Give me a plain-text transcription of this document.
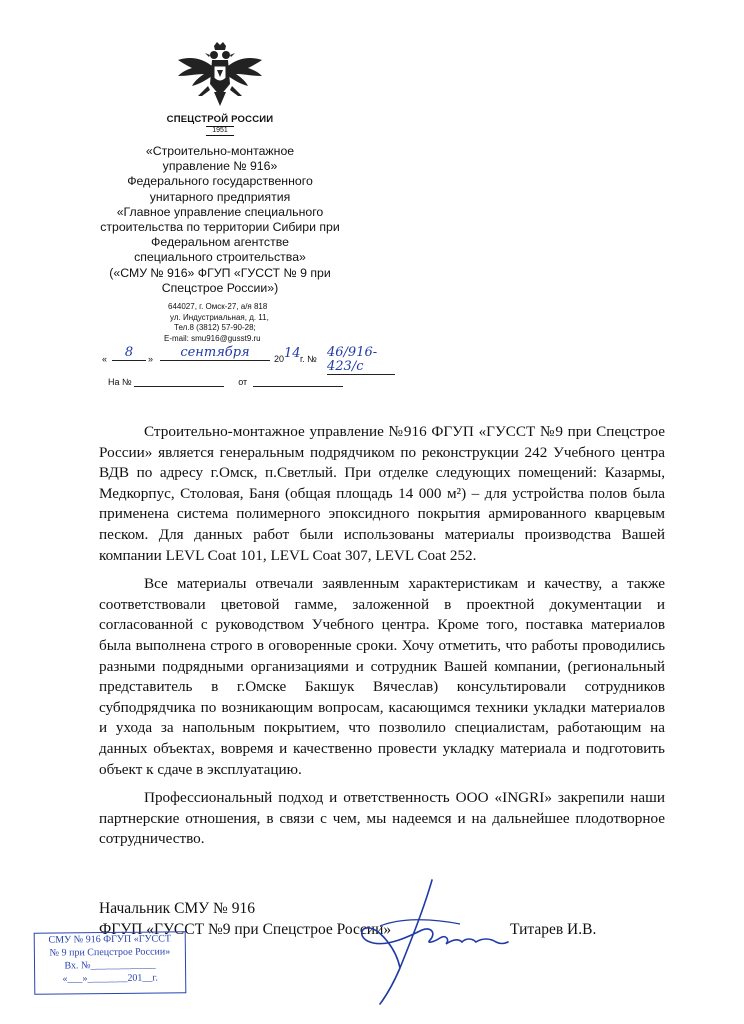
СПЕЦСТРОЙ РОССИИ
1951
«Строительно-монтажное
управление № 916»
Федерального государственного
унитарного предприятия
«Главное управление специального
строительства по территории Сибири при
Федеральном агентстве
специального строительства»
(«СМУ № 916» ФГУП «ГУССТ № 9 при
Спецстрое России»)
644027, г. Омск-27, а/я 818
ул. Индустриальная, д. 11,
Тел.8 (3812) 57-90-28;
E-mail: smu916@gusst9.ru
«	8	»	сентября	20 14 г. № 46/916-423/с
На №	от

Строительно-монтажное управление №916 ФГУП «ГУССТ №9 при Спецстрое России» является генеральным подрядчиком по реконструкции 242 Учебного центра ВДВ по адресу г.Омск, п.Светлый. При отделке следующих помещений: Казармы, Медкорпус, Столовая, Баня (общая площадь 14 000 м²) – для устройства полов была применена система полимерного эпоксидного покрытия армированного кварцевым песком. Для данных работ были использованы материалы производства Вашей компании LEVL Coat 101, LEVL Coat 307, LEVL Coat 252.

Все материалы отвечали заявленным характеристикам и качеству, а также соответствовали цветовой гамме, заложенной в проектной документации и согласованной с руководством Учебного центра. Кроме того, поставка материалов была выполнена строго в оговоренные сроки. Хочу отметить, что работы проводились разными подрядными организациями и сотрудник Вашей компании, (региональный представитель в г.Омске Бакшук Вячеслав) консультировали сотрудников субподрядчика по возникающим вопросам, касающимся техники укладки материалов и ухода за напольным покрытием, что позволило специалистам, работающим на данных объектах, вовремя и качественно провести укладку материала и подготовить объект к сдаче в эксплуатацию.

Профессиональный подход и ответственность ООО «INGRI» закрепили наши партнерские отношения, в связи с чем, мы надеемся и на дальнейшее плодотворное сотрудничество.

Начальник СМУ № 916
ФГУП «ГУССТ №9 при Спецстрое России»	Титарев И.В.
СМУ № 916 ФГУП «ГУССТ
№ 9 при Спецстрое России»
Вх. №_____________
«___»________201__г.
